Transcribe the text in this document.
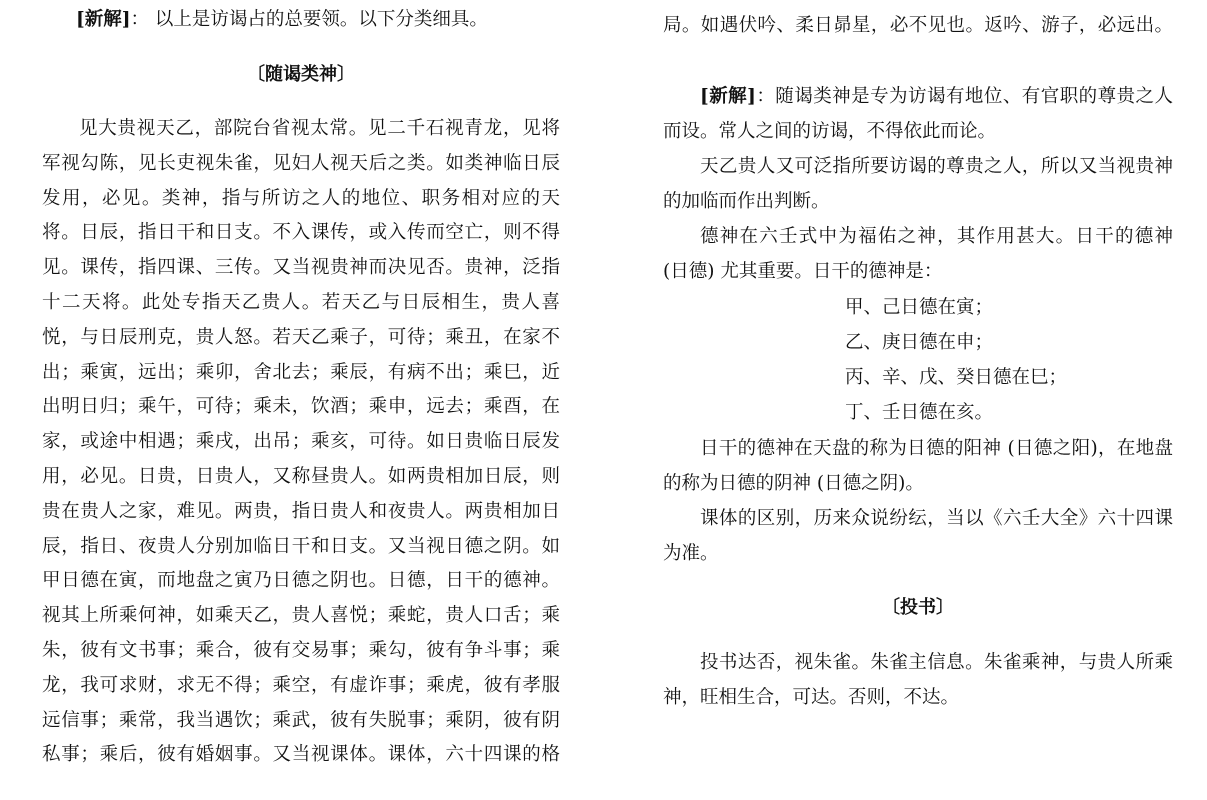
[新解]： 以上是访谒占的总要领。以下分类细具。
〔随谒类神〕
见大贵视天乙，部院台省视太常。见二千石视青龙，见将
军视勾陈，见长吏视朱雀，见妇人视天后之类。如类神临日辰
发用，必见。类神，指与所访之人的地位、职务相对应的天
将。日辰，指日干和日支。不入课传，或入传而空亡，则不得
见。课传，指四课、三传。又当视贵神而决见否。贵神，泛指
十二天将。此处专指天乙贵人。若天乙与日辰相生，贵人喜
悦，与日辰刑克，贵人怒。若天乙乘子，可待；乘丑，在家不
出；乘寅，远出；乘卯，舍北去；乘辰，有病不出；乘巳，近
出明日归；乘午，可待；乘未，饮酒；乘申，远去；乘酉，在
家，或途中相遇；乘戌，出吊；乘亥，可待。如日贵临日辰发
用，必见。日贵，日贵人，又称昼贵人。如两贵相加日辰，则
贵在贵人之家，难见。两贵，指日贵人和夜贵人。两贵相加日
辰，指日、夜贵人分别加临日干和日支。又当视日德之阴。如
甲日德在寅，而地盘之寅乃日德之阴也。日德，日干的德神。
视其上所乘何神，如乘天乙，贵人喜悦；乘蛇，贵人口舌；乘
朱，彼有文书事；乘合，彼有交易事；乘勾，彼有争斗事；乘
龙，我可求财，求无不得；乘空，有虚诈事；乘虎，彼有孝服
远信事；乘常，我当遇饮；乘武，彼有失脱事；乘阴，彼有阴
私事；乘后，彼有婚姻事。又当视课体。课体，六十四课的格
局。如遇伏吟、柔日昴星，必不见也。返吟、游子，必远出。
[新解]：随谒类神是专为访谒有地位、有官职的尊贵之人
而设。常人之间的访谒，不得依此而论。
天乙贵人又可泛指所要访谒的尊贵之人，所以又当视贵神
的加临而作出判断。
德神在六壬式中为福佑之神，其作用甚大。日干的德神
(日德) 尤其重要。日干的德神是：
甲、己日德在寅；
乙、庚日德在申；
丙、辛、戊、癸日德在巳；
丁、壬日德在亥。
日干的德神在天盘的称为日德的阳神 (日德之阳)，在地盘
的称为日德的阴神 (日德之阴)。
课体的区别，历来众说纷纭，当以《六壬大全》六十四课
为准。
〔投书〕
投书达否，视朱雀。朱雀主信息。朱雀乘神，与贵人所乘
神，旺相生合，可达。否则，不达。
